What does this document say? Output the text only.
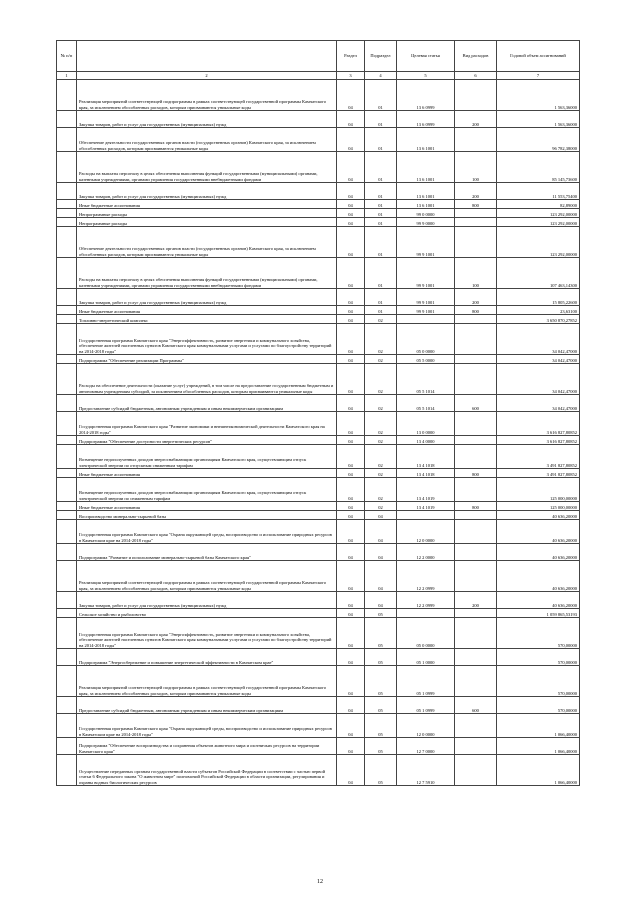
№ п/п		Раздел	Подраздел	Целевая статья	Вид расходов	Годовой объем ассигнований
1	2	3	4	5	6	7
	Реализация мероприятий соответствующей подпрограммы в рамках соответствующей государственной программы Камчатского края, за исключением обособленных расходов, которым присваиваются уникальные коды	04	01	13 6 0999		1 563,36000
	Закупка товаров, работ и услуг для государственных (муниципальных) нужд	04	01	13 6 0999	200	1 563,36000
	Обеспечение деятельности государственных органов власти (государственных органов) Камчатского края, за исключением обособленных расходов, которым присваиваются уникальные коды	04	01	13 6 1001		96 782,38000
	Расходы на выплаты персоналу в целях обеспечения выполнения функций государственными (муниципальными) органами, казенными учреждениями, органами управления государственными внебюджетными фондами	04	01	13 6 1001	100	85 145,73600
	Закупка товаров, работ и услуг для государственных (муниципальных) нужд	04	01	13 6 1001	200	11 553,75400
	Иные бюджетные ассигнования	04	01	13 6 1001	800	82,89000
	Непрограммные расходы	04	01	99 0 0000		123 292,00000
	Непрограммные расходы	04	01	99 9 0000		123 292,00000
	Обеспечение деятельности государственных органов власти (государственных органов) Камчатского края, за исключением обособленных расходов, которым присваиваются уникальные коды	04	01	99 9 1001		123 292,00000
	Расходы на выплаты персоналу в целях обеспечения выполнения функций государственными (муниципальными) органами, казенными учреждениями, органами управления государственными внебюджетными фондами	04	01	99 9 1001	100	107 463,14300
	Закупка товаров, работ и услуг для государственных (муниципальных) нужд	04	01	99 9 1001	200	15 805,22600
	Иные бюджетные ассигнования	04	01	99 9 1001	800	23,63100
	Топливно-энергетический комплекс	04	02			3 650 870,27852
	Государственная программа Камчатского края "Энергоэффективность, развитие энергетики и коммунального хозяйства, обеспечение жителей населенных пунктов Камчатского края коммунальными услугами и услугами по благоустройству территорий на 2014-2018 годы"	04	02	05 0 0000		34 042,47000
	Подпрограмма "Обеспечение реализации Программы"	04	02	05 5 0000		34 042,47000
	Расходы на обеспечение деятельности (оказание услуг) учреждений, в том числе на предоставление государственным бюджетным и автономным учреждениям субсидий, за исключением обособленных расходов, которым присваиваются уникальные коды	04	02	05 5 1014		34 042,47000
	Предоставление субсидий бюджетным, автономным учреждениям и иным некоммерческим организациям	04	02	05 5 1014	600	34 042,47000
	Государственная программа Камчатского края "Развитие экономики и внешнеэкономической деятельности Камчатского края на 2014-2018 годы"	04	02	13 0 0000		3 616 827,80852
	Подпрограмма "Обеспечение доступности энергетических ресурсов"	04	02	13 4 0000		3 616 827,80852
	Возмещение недополученных доходов энергоснабжающим организациям Камчатского края, осуществляющим отпуск электрической энергии по отпускным сниженным тарифам	04	02	13 4 1018		3 491 827,80852
	Иные бюджетные ассигнования	04	02	13 4 1018	800	3 491 827,80852
	Возмещение недополученных доходов энергоснабжающим организациям Камчатского края, осуществляющим отпуск электрической энергии по сниженным тарифам	04	02	13 4 1019		125 000,00000
	Иные бюджетные ассигнования	04	02	13 4 1019	800	125 000,00000
	Воспроизводство минерально-сырьевой базы	04	04			40 636,20000
	Государственная программа Камчатского края "Охрана окружающей среды, воспроизводство и использование природных ресурсов в Камчатском крае на 2014-2018 годы"	04	04	12 0 0000		40 636,20000
	Подпрограмма "Развитие и использование минерально-сырьевой базы Камчатского края"	04	04	12 2 0000		40 636,20000
	Реализация мероприятий соответствующей подпрограммы в рамках соответствующей государственной программы Камчатского края, за исключением обособленных расходов, которым присваиваются уникальные коды	04	04	12 2 0999		40 636,20000
	Закупка товаров, работ и услуг для государственных (муниципальных) нужд	04	04	12 2 0999	200	40 636,20000
	Сельское хозяйство и рыболовство	04	05			1 059 865,53193
	Государственная программа Камчатского края "Энергоэффективность, развитие энергетики и коммунального хозяйства, обеспечение жителей населенных пунктов Камчатского края коммунальными услугами и услугами по благоустройству территорий на 2014-2018 годы"	04	05	05 0 0000		570,00000
	Подпрограмма "Энергосбережение и повышение энергетической эффективности в Камчатском крае"	04	05	05 1 0000		570,00000
	Реализация мероприятий соответствующей подпрограммы в рамках соответствующей государственной программы Камчатского края, за исключением обособленных расходов, которым присваиваются уникальные коды	04	05	05 1 0999		570,00000
	Предоставление субсидий бюджетным, автономным учреждениям и иным некоммерческим организациям	04	05	05 1 0999	600	570,00000
	Государственная программа Камчатского края "Охрана окружающей среды, воспроизводство и использование природных ресурсов в Камчатском крае на 2014-2018 годы"	04	05	12 0 0000		1 066,40000
	Подпрограмма "Обеспечение воспроизводства и сохранения объектов животного мира и охотничьих ресурсов на территории Камчатского края"	04	05	12 7 0000		1 066,40000
	Осуществление переданных органам государственной власти субъектов Российской Федерации в соответствии с частью первой статьи 6 Федерального закона "О животном мире" полномочий Российской Федерации в области организации, регулирования и охраны водных биологических ресурсов	04	05	12 7 5910		1 066,40000
12
